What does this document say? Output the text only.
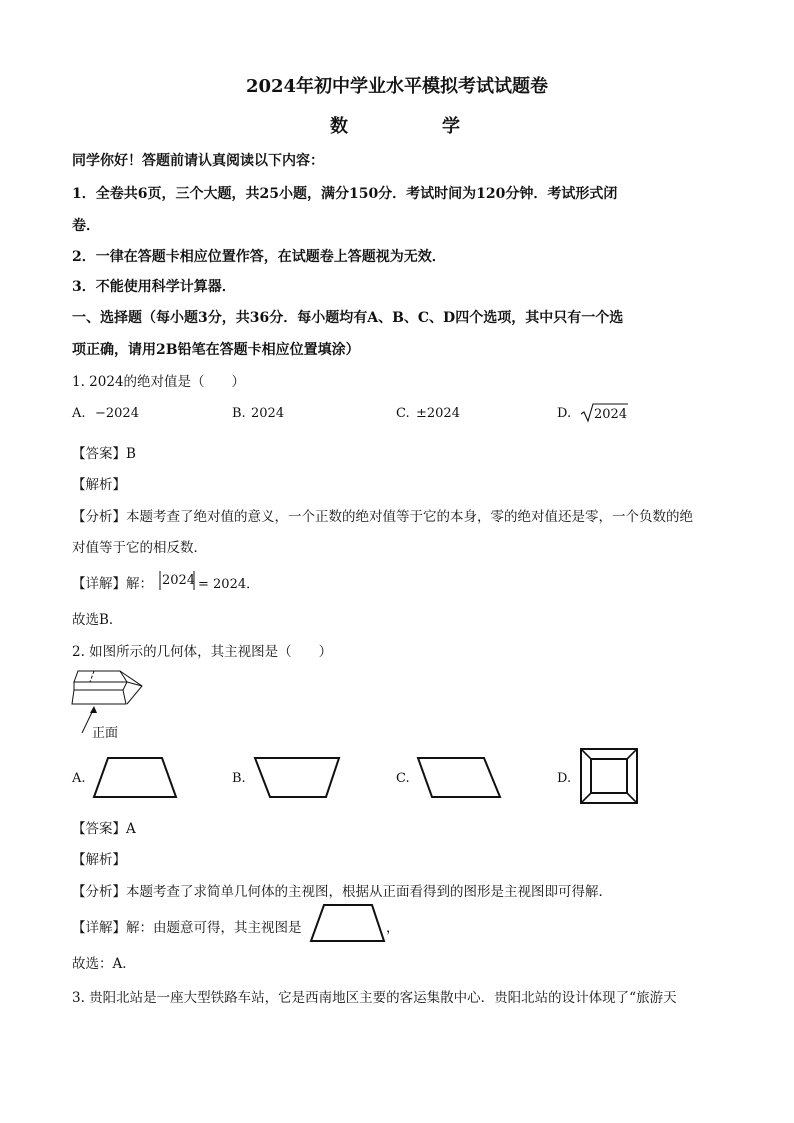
2024年初中学业水平模拟考试试题卷
数	学
同学你好！答题前请认真阅读以下内容：
1．全卷共6页，三个大题，共25小题，满分150分．考试时间为120分钟．考试形式闭
卷．
2．一律在答题卡相应位置作答，在试题卷上答题视为无效．
3．不能使用科学计算器．
一、选择题（每小题3分，共36分．每小题均有A、B、C、D四个选项，其中只有一个选
项正确，请用2B铅笔在答题卡相应位置填涂）
1. 2024的绝对值是（　　）
A. −2024	B. 2024	C. ±2024	D. 2024
【答案】B
【解析】
【分析】本题考查了绝对值的意义，一个正数的绝对值等于它的本身，零的绝对值还是零，一个负数的绝
对值等于它的相反数．
【详解】解： 2024 = 2024．
故选B．
2. 如图所示的几何体，其主视图是（　　）
正面
A.	B.	C.	D.
【答案】A
【解析】
【分析】本题考查了求简单几何体的主视图，根据从正面看得到的图形是主视图即可得解．
【详解】解：由题意可得，其主视图是	，
故选：A．
3. 贵阳北站是一座大型铁路车站，它是西南地区主要的客运集散中心．贵阳北站的设计体现了“旅游天
